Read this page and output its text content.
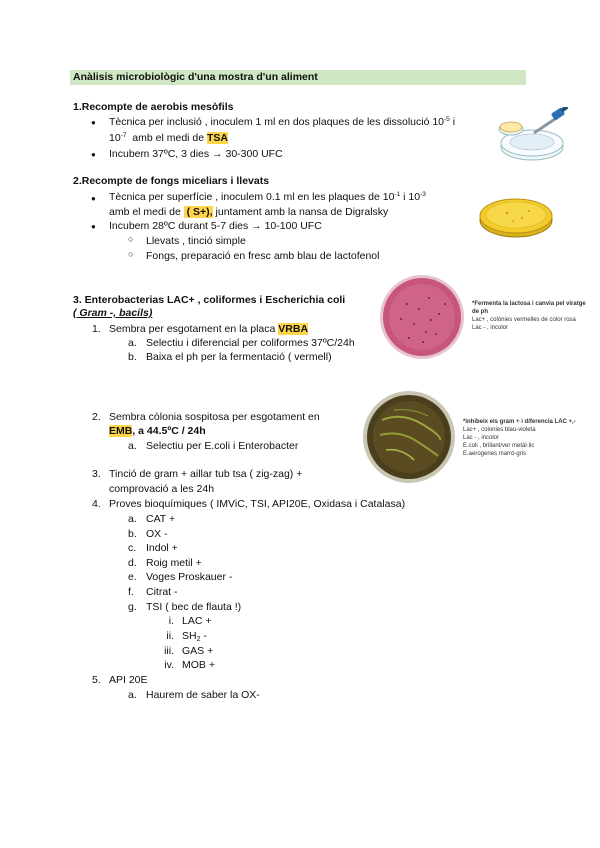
Anàlisis microbiològic d'una mostra d'un aliment
1.Recompte de aerobis mesòfils
● Tècnica per inclusió , inoculem 1 ml en dos plaques de les dissolució $10^{-5}$ i
$10^{-7}$  amb el medi de TSA
● Incubem 37ºC, 3 dies → 30-300 UFC
2.Recompte de fongs miceliars i llevats
● Tècnica per superfície , inoculem 0.1 ml en les plaques de $10^{-1}$ i $10^{-3}$
amb el medi de  ( S+), juntament amb la nansa de Digralsky
● Incubem 28ºC durant 5-7 dies → 10-100 UFC
○ Llevats , tinció simple
○ Fongs, preparació en fresc amb blau de lactofenol
3. Enterobacterias LAC+ , coliformes i Escherichia coli
( Gram -, bacils)
1. Sembra per esgotament en la placa VRBA
a. Selectiu i diferencial per coliformes 37ºC/24h
b. Baixa el ph per la fermentació ( vermell)
*Fermenta la lactosa i canvia pel viratge
de ph
Lac+ , colònies vermelles de color rosa
Lac - , incolor
2. Sembra còlonia sospitosa per esgotament en
EMB, a 44.5ºC / 24h
a. Selectiu per E.coli i Enterobacter
*inhibeix els gram + i diferencia LAC +,-
Lac+ , colonies blau-violeta
Lac - , incolor
E.coli , brillant/ver metàl·lic
E.aerogenes marró-gris
3. Tinció de gram + aillar tub tsa ( zig-zag) +
comprovació a les 24h
4. Proves bioquímiques ( IMViC, TSI, API20E, Oxidasa i Catalasa)
a. CAT +
b. OX -
c. Indol +
d. Roig metil +
e. Voges Proskauer -
f. Citrat -
g. TSI ( bec de flauta !)
i. LAC +
ii. $SH_2$ -
iii. GAS +
iv. MOB +
5. API 20E
a. Haurem de saber la OX-
